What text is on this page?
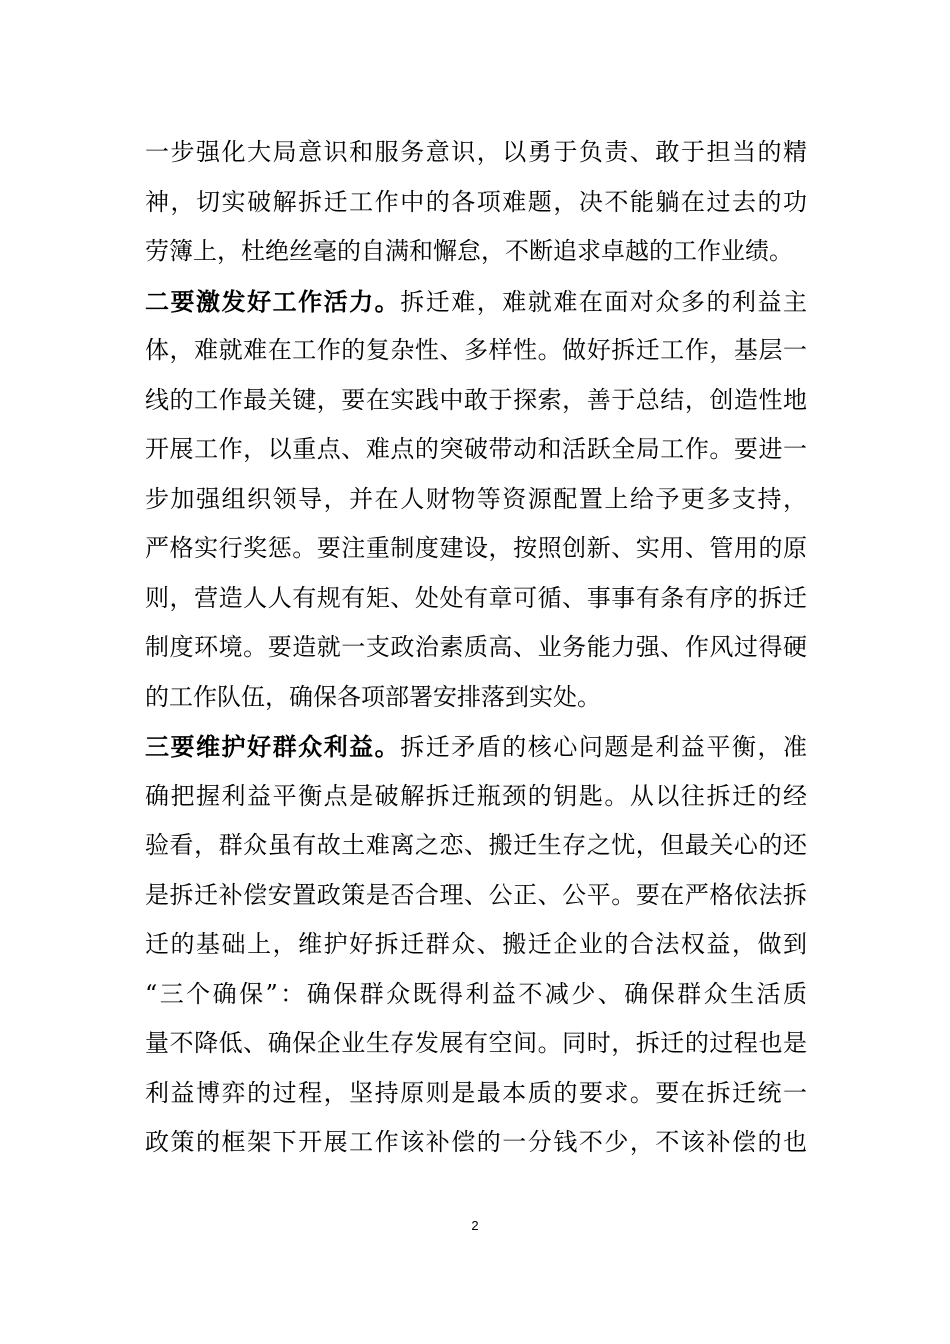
一步强化大局意识和服务意识，以勇于负责、敢于担当的精
神，切实破解拆迁工作中的各项难题，决不能躺在过去的功
劳簿上，杜绝丝毫的自满和懈怠，不断追求卓越的工作业绩。
二要激发好工作活力。拆迁难，难就难在面对众多的利益主
体，难就难在工作的复杂性、多样性。做好拆迁工作，基层一
线的工作最关键，要在实践中敢于探索，善于总结，创造性地
开展工作，以重点、难点的突破带动和活跃全局工作。要进一
步加强组织领导，并在人财物等资源配置上给予更多支持，
严格实行奖惩。要注重制度建设，按照创新、实用、管用的原
则，营造人人有规有矩、处处有章可循、事事有条有序的拆迁
制度环境。要造就一支政治素质高、业务能力强、作风过得硬
的工作队伍，确保各项部署安排落到实处。
三要维护好群众利益。拆迁矛盾的核心问题是利益平衡，准
确把握利益平衡点是破解拆迁瓶颈的钥匙。从以往拆迁的经
验看，群众虽有故土难离之恋、搬迁生存之忧，但最关心的还
是拆迁补偿安置政策是否合理、公正、公平。要在严格依法拆
迁的基础上，维护好拆迁群众、搬迁企业的合法权益，做到
“三个确保”：确保群众既得利益不减少、确保群众生活质
量不降低、确保企业生存发展有空间。同时，拆迁的过程也是
利益博弈的过程，坚持原则是最本质的要求。要在拆迁统一
政策的框架下开展工作该补偿的一分钱不少，不该补偿的也
2
